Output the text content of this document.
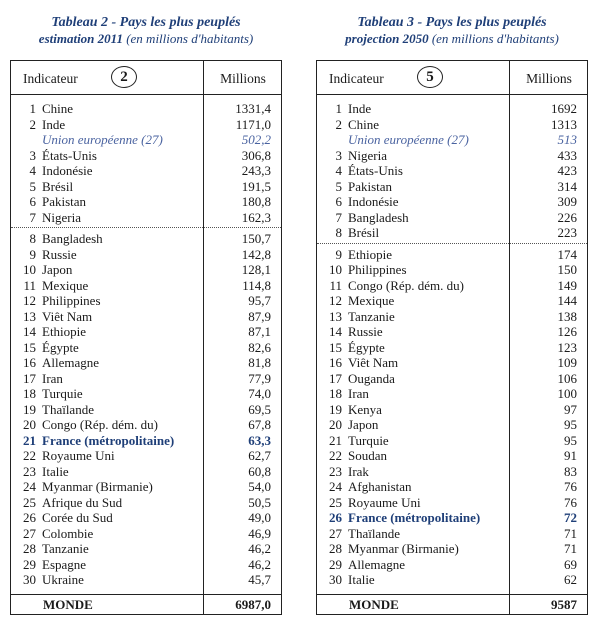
Tableau 2 - Pays les plus peuplés
estimation 2011 (en millions d'habitants)
Indicateur	2	Millions
1 Chine	1331,4
2 Inde	1171,0
Union européenne (27)	502,2
3 États-Unis	306,8
4 Indonésie	243,3
5 Brésil	191,5
6 Pakistan	180,8
7 Nigeria	162,3
8 Bangladesh	150,7
9 Russie	142,8
10 Japon	128,1
11 Mexique	114,8
12 Philippines	95,7
13 Viêt Nam	87,9
14 Ethiopie	87,1
15 Égypte	82,6
16 Allemagne	81,8
17 Iran	77,9
18 Turquie	74,0
19 Thaïlande	69,5
20 Congo (Rép. dém. du)	67,8
21 France (métropolitaine)	63,3
22 Royaume Uni	62,7
23 Italie	60,8
24 Myanmar (Birmanie)	54,0
25 Afrique du Sud	50,5
26 Corée du Sud	49,0
27 Colombie	46,9
28 Tanzanie	46,2
29 Espagne	46,2
30 Ukraine	45,7
MONDE	6987,0
Tableau 3 - Pays les plus peuplés
projection 2050 (en millions d'habitants)
Indicateur	5	Millions
1 Inde	1692
2 Chine	1313
Union européenne (27)	513
3 Nigeria	433
4 États-Unis	423
5 Pakistan	314
6 Indonésie	309
7 Bangladesh	226
8 Brésil	223
9 Ethiopie	174
10 Philippines	150
11 Congo (Rép. dém. du)	149
12 Mexique	144
13 Tanzanie	138
14 Russie	126
15 Égypte	123
16 Viêt Nam	109
17 Ouganda	106
18 Iran	100
19 Kenya	97
20 Japon	95
21 Turquie	95
22 Soudan	91
23 Irak	83
24 Afghanistan	76
25 Royaume Uni	76
26 France (métropolitaine)	72
27 Thaïlande	71
28 Myanmar (Birmanie)	71
29 Allemagne	69
30 Italie	62
MONDE	9587
